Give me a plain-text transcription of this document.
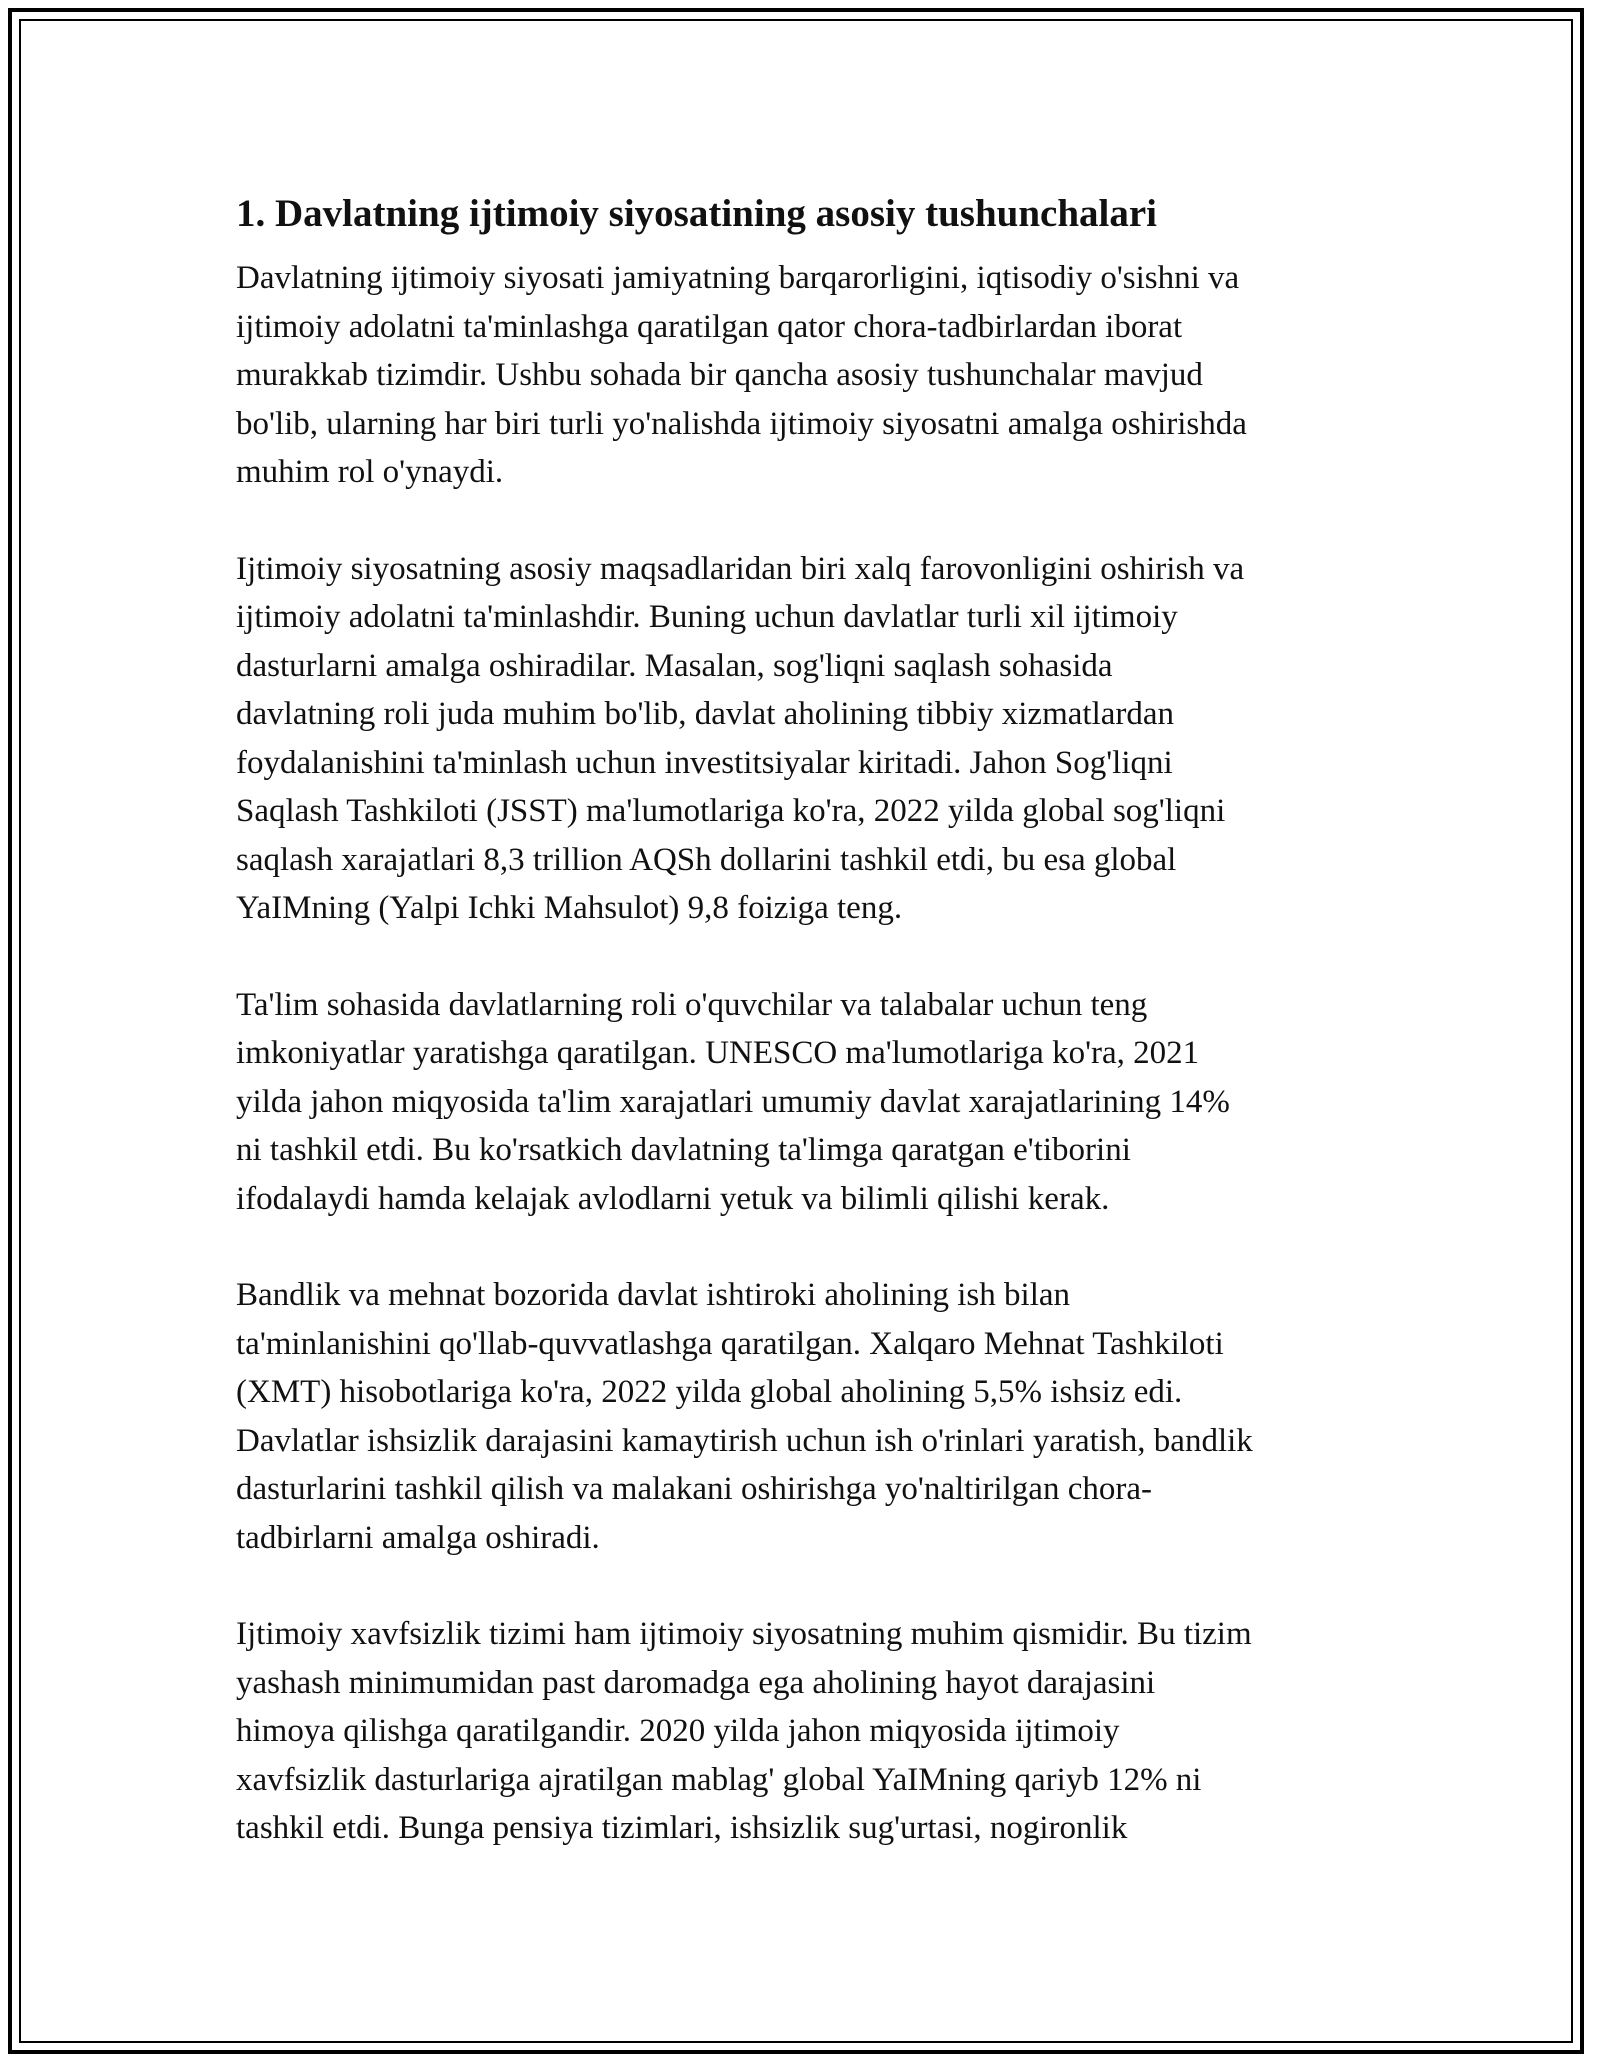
1. Davlatning ijtimoiy siyosatining asosiy tushunchalari

Davlatning ijtimoiy siyosati jamiyatning barqarorligini, iqtisodiy o'sishni va
ijtimoiy adolatni ta'minlashga qaratilgan qator chora-tadbirlardan iborat
murakkab tizimdir. Ushbu sohada bir qancha asosiy tushunchalar mavjud
bo'lib, ularning har biri turli yo'nalishda ijtimoiy siyosatni amalga oshirishda
muhim rol o'ynaydi.

Ijtimoiy siyosatning asosiy maqsadlaridan biri xalq farovonligini oshirish va
ijtimoiy adolatni ta'minlashdir. Buning uchun davlatlar turli xil ijtimoiy
dasturlarni amalga oshiradilar. Masalan, sog'liqni saqlash sohasida
davlatning roli juda muhim bo'lib, davlat aholining tibbiy xizmatlardan
foydalanishini ta'minlash uchun investitsiyalar kiritadi. Jahon Sog'liqni
Saqlash Tashkiloti (JSST) ma'lumotlariga ko'ra, 2022 yilda global sog'liqni
saqlash xarajatlari 8,3 trillion AQSh dollarini tashkil etdi, bu esa global
YaIMning (Yalpi Ichki Mahsulot) 9,8 foiziga teng.

Ta'lim sohasida davlatlarning roli o'quvchilar va talabalar uchun teng
imkoniyatlar yaratishga qaratilgan. UNESCO ma'lumotlariga ko'ra, 2021
yilda jahon miqyosida ta'lim xarajatlari umumiy davlat xarajatlarining 14%
ni tashkil etdi. Bu ko'rsatkich davlatning ta'limga qaratgan e'tiborini
ifodalaydi hamda kelajak avlodlarni yetuk va bilimli qilishi kerak.

Bandlik va mehnat bozorida davlat ishtiroki aholining ish bilan
ta'minlanishini qo'llab-quvvatlashga qaratilgan. Xalqaro Mehnat Tashkiloti
(XMT) hisobotlariga ko'ra, 2022 yilda global aholining 5,5% ishsiz edi.
Davlatlar ishsizlik darajasini kamaytirish uchun ish o'rinlari yaratish, bandlik
dasturlarini tashkil qilish va malakani oshirishga yo'naltirilgan chora-
tadbirlarni amalga oshiradi.

Ijtimoiy xavfsizlik tizimi ham ijtimoiy siyosatning muhim qismidir. Bu tizim
yashash minimumidan past daromadga ega aholining hayot darajasini
himoya qilishga qaratilgandir. 2020 yilda jahon miqyosida ijtimoiy
xavfsizlik dasturlariga ajratilgan mablag' global YaIMning qariyb 12% ni
tashkil etdi. Bunga pensiya tizimlari, ishsizlik sug'urtasi, nogironlik
